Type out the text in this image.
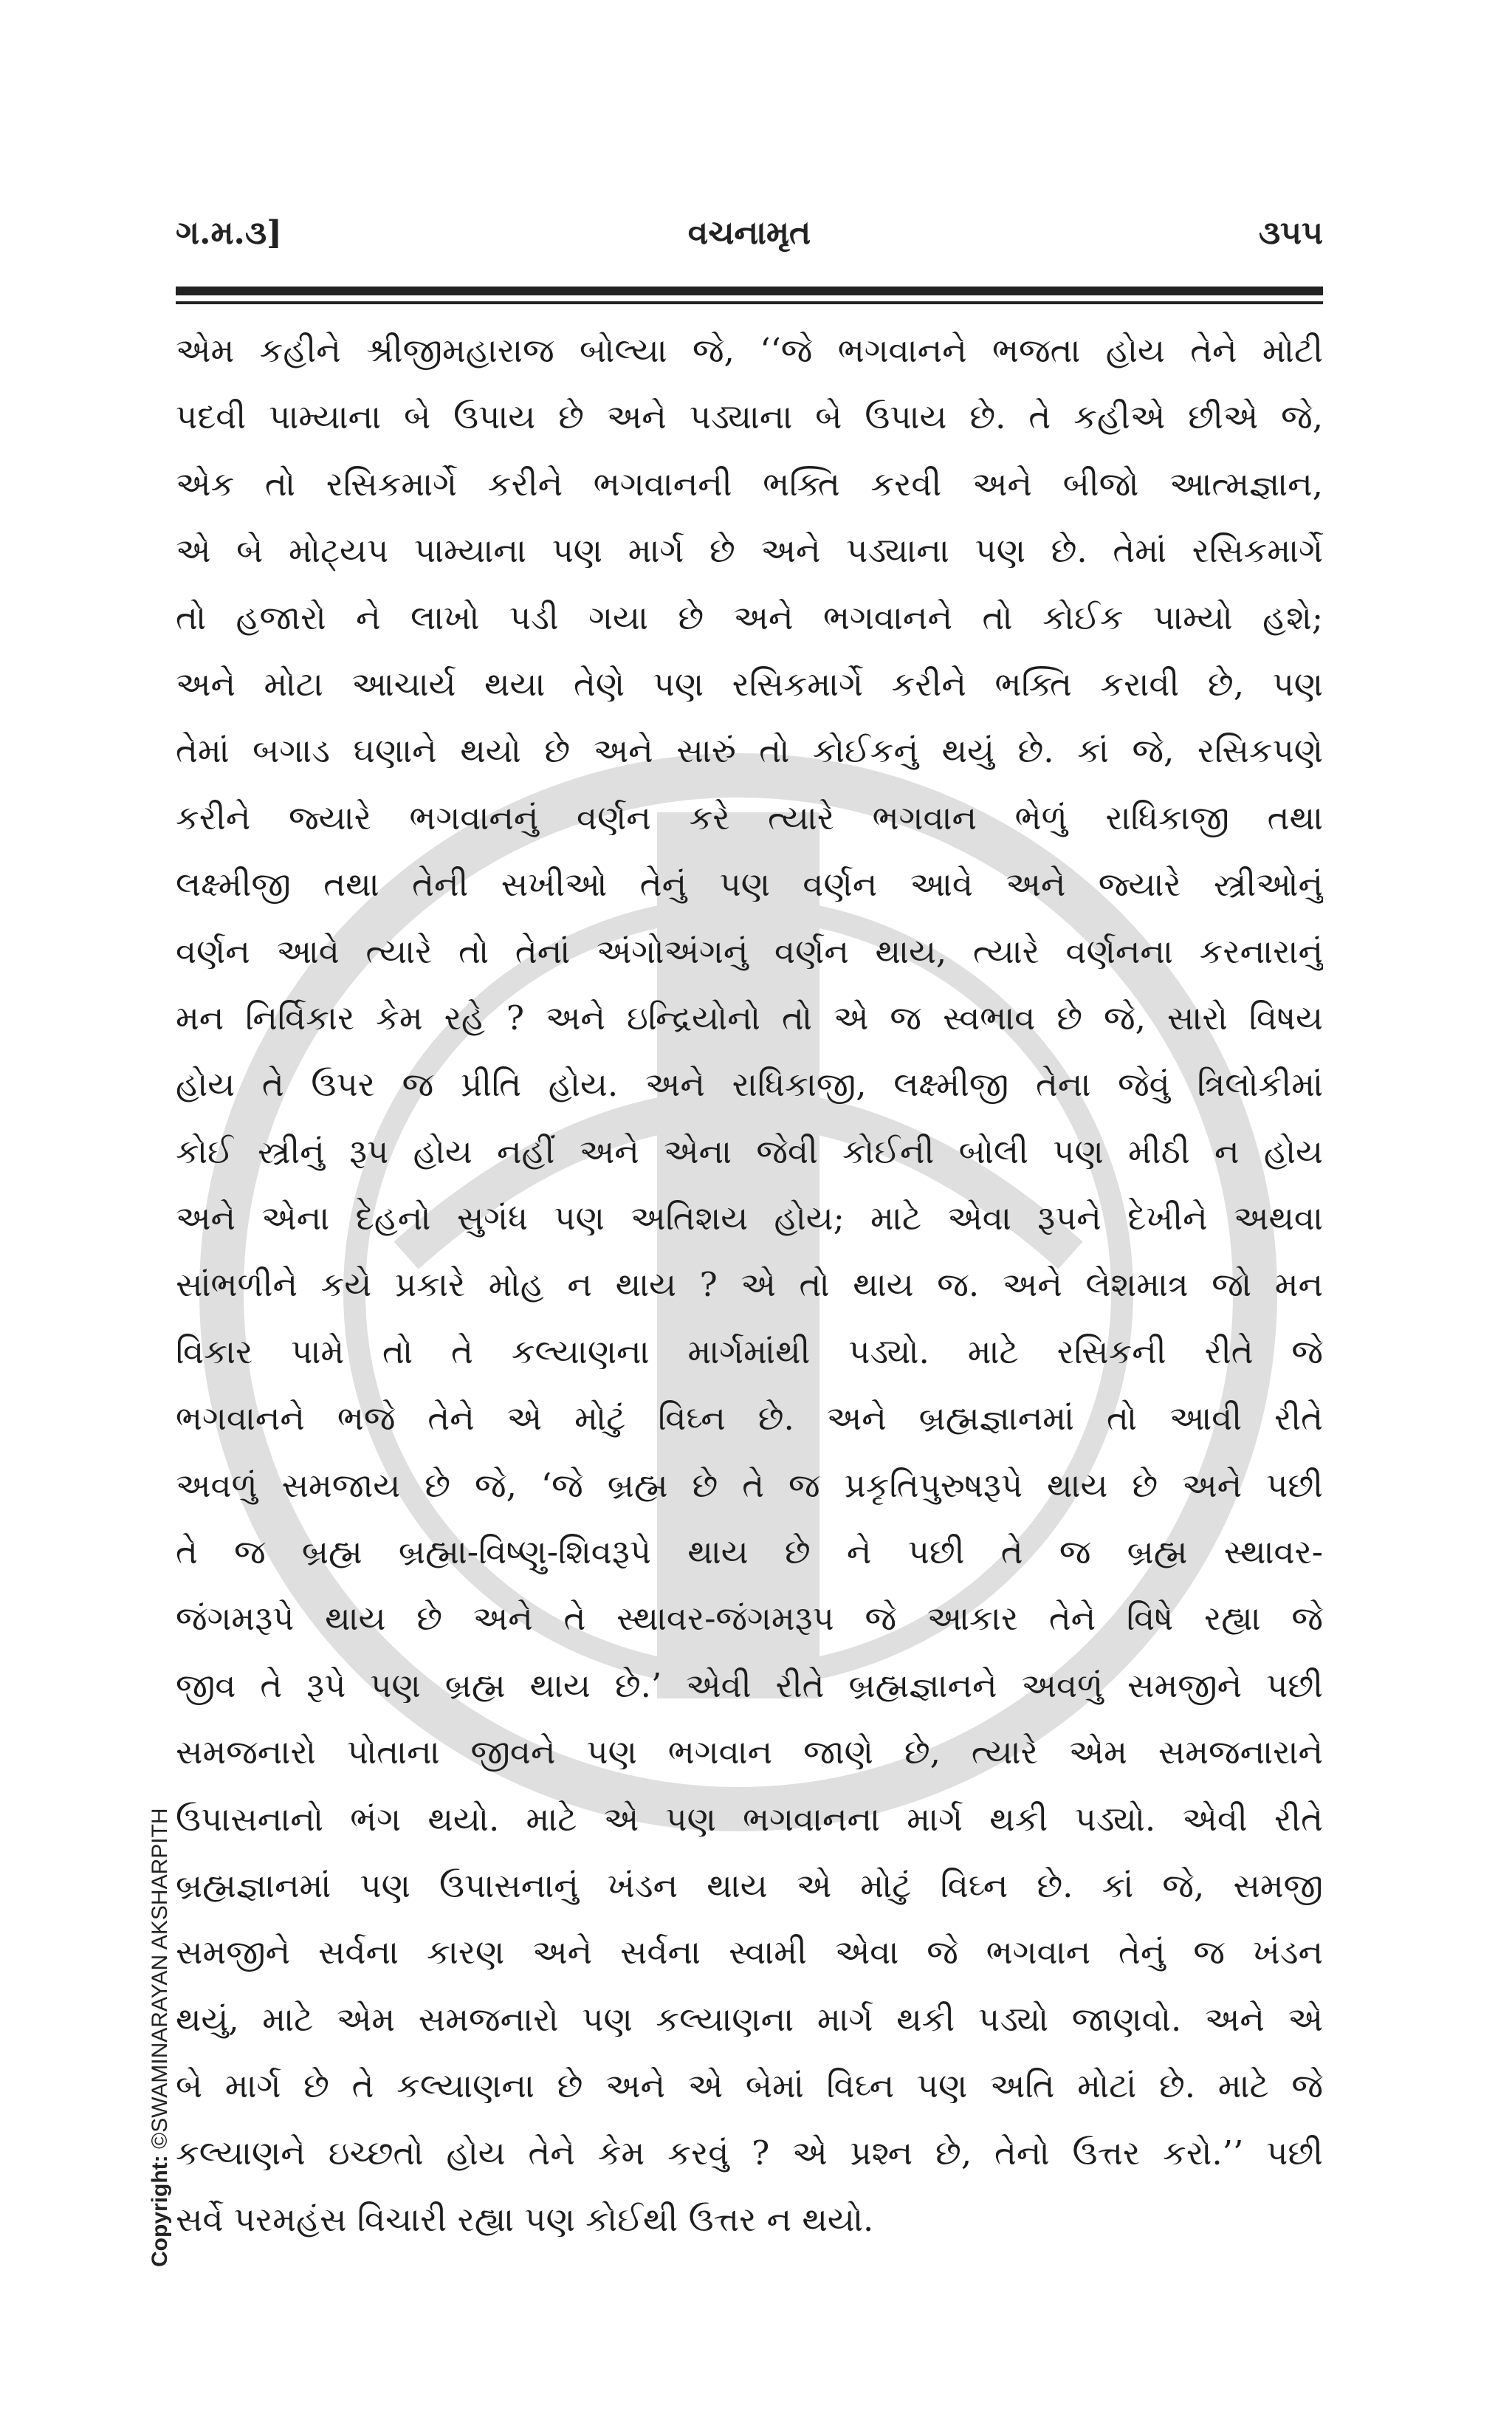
ગ.મ.૩]	વચનામૃત	૩૫૫
એમ કહીને શ્રીજીમહારાજ બોલ્યા જે, ‘‘જે ભગવાનને ભજતા હોય તેને મોટી
પદવી પામ્યાના બે ઉપાય છે અને પડ્યાના બે ઉપાય છે. તે કહીએ છીએ જે,
એક તો રસિકમાર્ગે કરીને ભગવાનની ભક્તિ કરવી અને બીજો આત્મજ્ઞાન,
એ બે મોટ્યપ પામ્યાના પણ માર્ગ છે અને પડ્યાના પણ છે. તેમાં રસિકમાર્ગે
તો હજારો ને લાખો પડી ગયા છે અને ભગવાનને તો કોઈક પામ્યો હશે;
અને મોટા આચાર્ય થયા તેણે પણ રસિકમાર્ગે કરીને ભક્તિ કરાવી છે, પણ
તેમાં બગાડ ઘણાને થયો છે અને સારું તો કોઈકનું થયું છે. કાં જે, રસિકપણે
કરીને જ્યારે ભગવાનનું વર્ણન કરે ત્યારે ભગવાન ભેળું રાધિકાજી તથા
લક્ષ્મીજી તથા તેની સખીઓ તેનું પણ વર્ણન આવે અને જ્યારે સ્ત્રીઓનું
વર્ણન આવે ત્યારે તો તેનાં અંગોઅંગનું વર્ણન થાય, ત્યારે વર્ણનના કરનારાનું
મન નિર્વિકાર કેમ રહે ? અને ઇન્દ્રિયોનો તો એ જ સ્વભાવ છે જે, સારો વિષય
હોય તે ઉપર જ પ્રીતિ હોય. અને રાધિકાજી, લક્ષ્મીજી તેના જેવું ત્રિલોકીમાં
કોઈ સ્ત્રીનું રૂપ હોય નહીં અને એના જેવી કોઈની બોલી પણ મીઠી ન હોય
અને એના દેહનો સુગંધ પણ અતિશય હોય; માટે એવા રૂપને દેખીને અથવા
સાંભળીને કયે પ્રકારે મોહ ન થાય ? એ તો થાય જ. અને લેશમાત્ર જો મન
વિકાર પામે તો તે કલ્યાણના માર્ગમાંથી પડ્યો. માટે રસિકની રીતે જે
ભગવાનને ભજે તેને એ મોટું વિઘ્ન છે. અને બ્રહ્મજ્ઞાનમાં તો આવી રીતે
અવળું સમજાય છે જે, ‘જે બ્રહ્મ છે તે જ પ્રકૃતિપુરુષરૂપે થાય છે અને પછી
તે જ બ્રહ્મ બ્રહ્મા-વિષ્ણુ-શિવરૂપે થાય છે ને પછી તે જ બ્રહ્મ સ્થાવર-
જંગમરૂપે થાય છે અને તે સ્થાવર-જંગમરૂપ જે આકાર તેને વિષે રહ્યા જે
જીવ તે રૂપે પણ બ્રહ્મ થાય છે.’ એવી રીતે બ્રહ્મજ્ઞાનને અવળું સમજીને પછી
સમજનારો પોતાના જીવને પણ ભગવાન જાણે છે, ત્યારે એમ સમજનારાને
ઉપાસનાનો ભંગ થયો. માટે એ પણ ભગવાનના માર્ગ થકી પડ્યો. એવી રીતે
બ્રહ્મજ્ઞાનમાં પણ ઉપાસનાનું ખંડન થાય એ મોટું વિઘ્ન છે. કાં જે, સમજી
સમજીને સર્વના કારણ અને સર્વના સ્વામી એવા જે ભગવાન તેનું જ ખંડન
થયું, માટે એમ સમજનારો પણ કલ્યાણના માર્ગ થકી પડ્યો જાણવો. અને એ
બે માર્ગ છે તે કલ્યાણના છે અને એ બેમાં વિઘ્ન પણ અતિ મોટાં છે. માટે જે
કલ્યાણને ઇચ્છતો હોય તેને કેમ કરવું ? એ પ્રશ્ન છે, તેનો ઉત્તર કરો.’’ પછી
સર્વે પરમહંસ વિચારી રહ્યા પણ કોઈથી ઉત્તર ન થયો.
Copyright: ©SWAMINARAYAN AKSHARPITH
